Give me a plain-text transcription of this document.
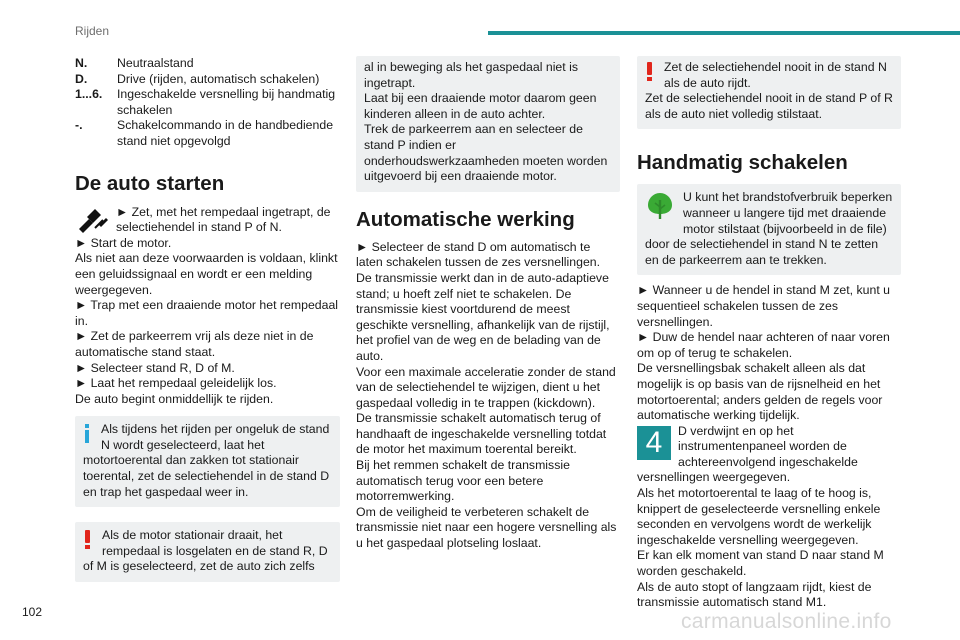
Rijden
N.	Neutraalstand
D.	Drive (rijden, automatisch schakelen)
1...6.	Ingeschakelde versnelling bij handmatig schakelen
-.	Schakelcommando in de handbediende stand niet opgevolgd
De auto starten

► Zet, met het rempedaal ingetrapt, de selectiehendel in stand P of N.

► Start de motor.

Als niet aan deze voorwaarden is voldaan, klinkt een geluidssignaal en wordt er een melding weergegeven.

► Trap met een draaiende motor het rempedaal in.

► Zet de parkeerrem vrij als deze niet in de automatische stand staat.

► Selecteer stand R, D of M.

► Laat het rempedaal geleidelijk los.

De auto begint onmiddellijk te rijden.

Als tijdens het rijden per ongeluk de stand N wordt geselecteerd, laat het motortoerental dan zakken tot stationair toerental, zet de selectiehendel in de stand D en trap het gaspedaal weer in.

Als de motor stationair draait, het rempedaal is losgelaten en de stand R, D of M is geselecteerd, zet de auto zich zelfs

al in beweging als het gaspedaal niet is ingetrapt.

Laat bij een draaiende motor daarom geen kinderen alleen in de auto achter.

Trek de parkeerrem aan en selecteer de stand P indien er onderhoudswerkzaamheden moeten worden uitgevoerd bij een draaiende motor.

Automatische werking

► Selecteer de stand D om automatisch te laten schakelen tussen de zes versnellingen.

De transmissie werkt dan in de auto-adaptieve stand; u hoeft zelf niet te schakelen. De transmissie kiest voortdurend de meest geschikte versnelling, afhankelijk van de rijstijl, het profiel van de weg en de belading van de auto.

Voor een maximale acceleratie zonder de stand van de selectiehendel te wijzigen, dient u het gaspedaal volledig in te trappen (kickdown).

De transmissie schakelt automatisch terug of handhaaft de ingeschakelde versnelling totdat de motor het maximum toerental bereikt.

Bij het remmen schakelt de transmissie automatisch terug voor een betere motorremwerking.

Om de veiligheid te verbeteren schakelt de transmissie niet naar een hogere versnelling als u het gaspedaal plotseling loslaat.

Zet de selectiehendel nooit in de stand N als de auto rijdt.

Zet de selectiehendel nooit in de stand P of R als de auto niet volledig stilstaat.

Handmatig schakelen

U kunt het brandstofverbruik beperken wanneer u langere tijd met draaiende motor stilstaat (bijvoorbeeld in de file) door de selectiehendel in stand N te zetten en de parkeerrem aan te trekken.

► Wanneer u de hendel in stand M zet, kunt u sequentieel schakelen tussen de zes versnellingen.

► Duw de hendel naar achteren of naar voren om op of terug te schakelen.

De versnellingsbak schakelt alleen als dat mogelijk is op basis van de rijsnelheid en het motortoerental; anders gelden de regels voor automatische werking tijdelijk.

4	D verdwijnt en op het instrumentenpaneel worden de achtereenvolgend ingeschakelde versnellingen weergegeven.

Als het motortoerental te laag of te hoog is, knippert de geselecteerde versnelling enkele seconden en vervolgens wordt de werkelijk ingeschakelde versnelling weergegeven.

Er kan elk moment van stand D naar stand M worden geschakeld.

Als de auto stopt of langzaam rijdt, kiest de transmissie automatisch stand M1.

102	carmanualsonline.info
